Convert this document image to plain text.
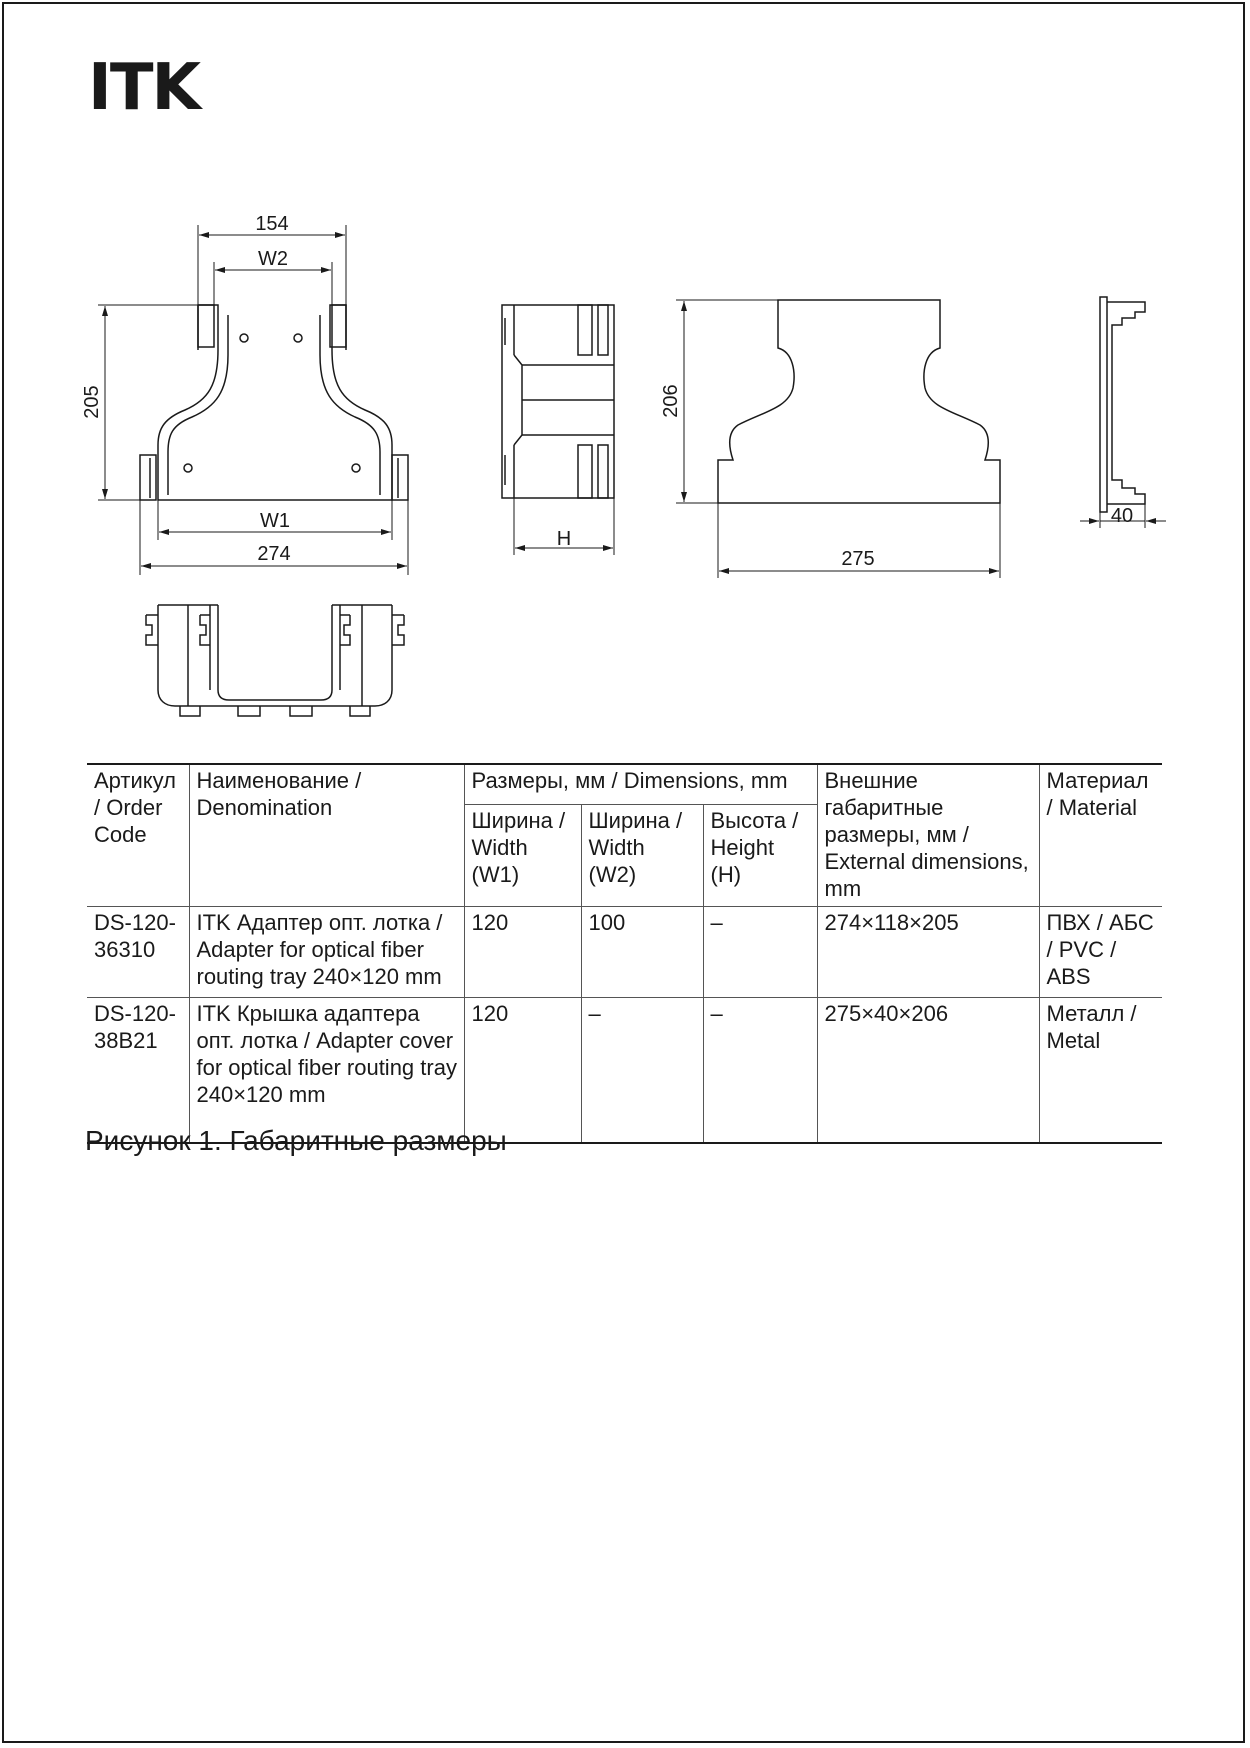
ITK
154
W2
205
W1
274
H
206
275
40
Артикул / Order Code	Наименование / Denomination	Размеры, мм / Dimensions, mm			Внешние габаритные размеры, мм / External dimensions, mm	Материал / Material
		Ширина / Width (W1)	Ширина / Width (W2)	Высота / Height (H)		
DS-120-36310	ITK Адаптер опт. лотка / Adapter for optical fiber routing tray 240×120 mm	120	100	–	274×118×205	ПВХ / АБС / PVC / ABS
DS-120-38B21	ITK Крышка адаптера опт. лотка / Adapter cover for optical fiber routing tray 240×120 mm	120	–	–	275×40×206	Металл / Metal
Рисунок 1. Габаритные размеры
